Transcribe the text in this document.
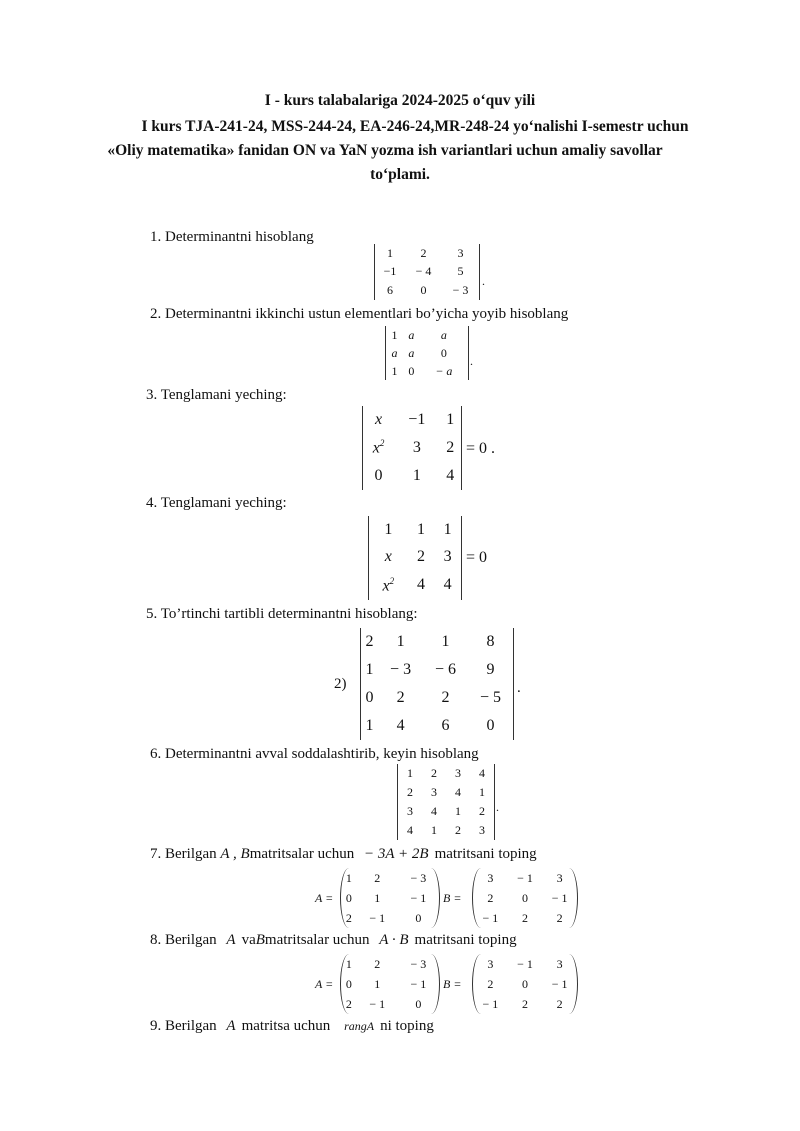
I - kurs talabalariga 2024-2025 o‘quv yili
I kurs TJA-241-24, MSS-244-24, EA-246-24,MR-248-24 yo‘nalishi I-semestr uchun
«Oliy matematika» fanidan ON va YaN yozma ish variantlari uchun amaliy savollar
to‘plami.
1. Determinantni hisoblang
1	2	3
−1	− 4	5
6	0	− 3
.
2. Determinantni ikkinchi ustun elementlari bo’yicha yoyib hisoblang
1	a	a
a	a	0
1	0	− a
.
3. Tenglamani yeching:
x	−1	1
$x^2$	3	2
0	1	4
= 0 .
4. Tenglamani yeching:
1	1	1
x	2	3
$x^2$	4	4
= 0
5. To’rtinchi tartibli determinantni hisoblang:
2)
2	1	1	8
1	− 3	− 6	9
0	2	2	− 5
1	4	6	0
.
6. Determinantni avval soddalashtirib, keyin hisoblang
1	2	3	4
2	3	4	1
3	4	1	2
4	1	2	3
.
7. Berilgan A , Bmatritsalar uchun − 3A + 2B matritsani toping
A =
1	2	− 3
0	1	− 1
2	− 1	0
B =
3	− 1	3
2	0	− 1
− 1	2	2
8. Berilgan A vaBmatritsalar uchun A · B matritsani toping
A =
1	2	− 3
0	1	− 1
2	− 1	0
B =
3	− 1	3
2	0	− 1
− 1	2	2
9. Berilgan A matritsa uchun rangA ni toping
